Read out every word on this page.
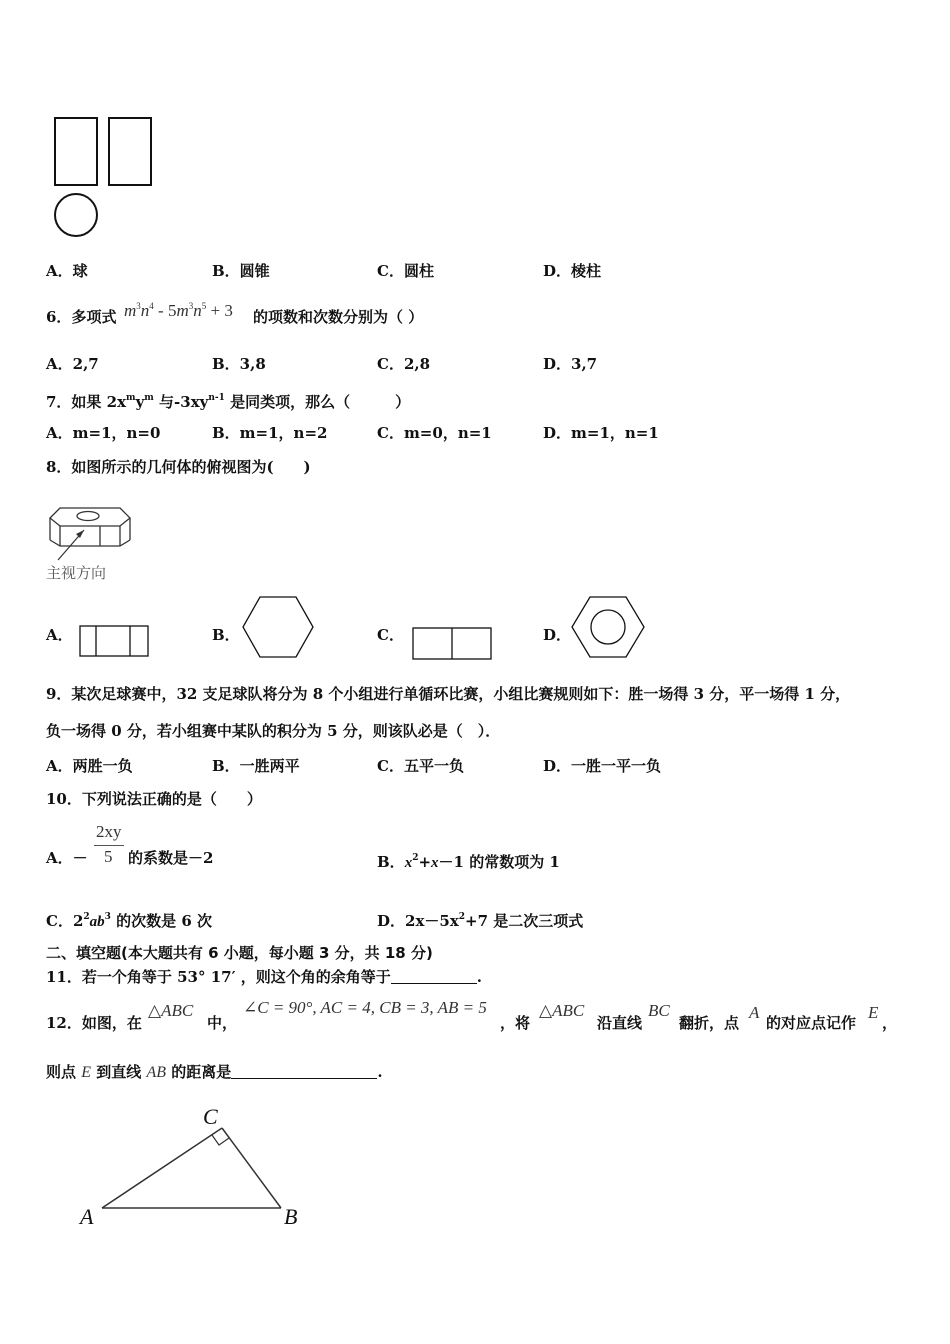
A．球	B．圆锥	C．圆柱	D．棱柱
6．多项式 $m^3n^4 - 5m^3n^5 + 3$ 的项数和次数分别为（ ）
A．2,7	B．3,8	C．2,8	D．3,7
7．如果 $2x^my^m$ 与$-3xy^{n-1}$ 是同类项，那么（　　　）
A．m=1，n=0	B．m=1，n=2	C．m=0，n=1	D．m=1，n=1
8．如图所示的几何体的俯视图为(　　)
主视方向
A．	B．	C．	D．
9．某次足球赛中，32 支足球队将分为 8 个小组进行单循环比赛，小组比赛规则如下：胜一场得 3 分，平一场得 1 分，
负一场得 0 分，若小组赛中某队的积分为 5 分，则该队必是（　）．
A．两胜一负	B．一胜两平	C．五平一负	D．一胜一平一负
10．下列说法正确的是（　　）
A．－
2xy
5 的系数是－2	B．$x^2+x-1$ 的常数项为 1
C．$2^2ab^3$ 的次数是 6 次	D．$2x-5x^2+7$ 是二次三项式
二、填空题(本大题共有 6 小题，每小题 3 分，共 18 分)
11．若一个角等于 53° 17′ ，则这个角的余角等于	.
12．如图，在
△ABC
中，
∠C = 90°, AC = 4, CB = 3, AB = 5
，将
△ABC
沿直线
BC
翻折，点
A
的对应点记作
E
，
则点 E 到直线 AB 的距离是	.
C
A	B
